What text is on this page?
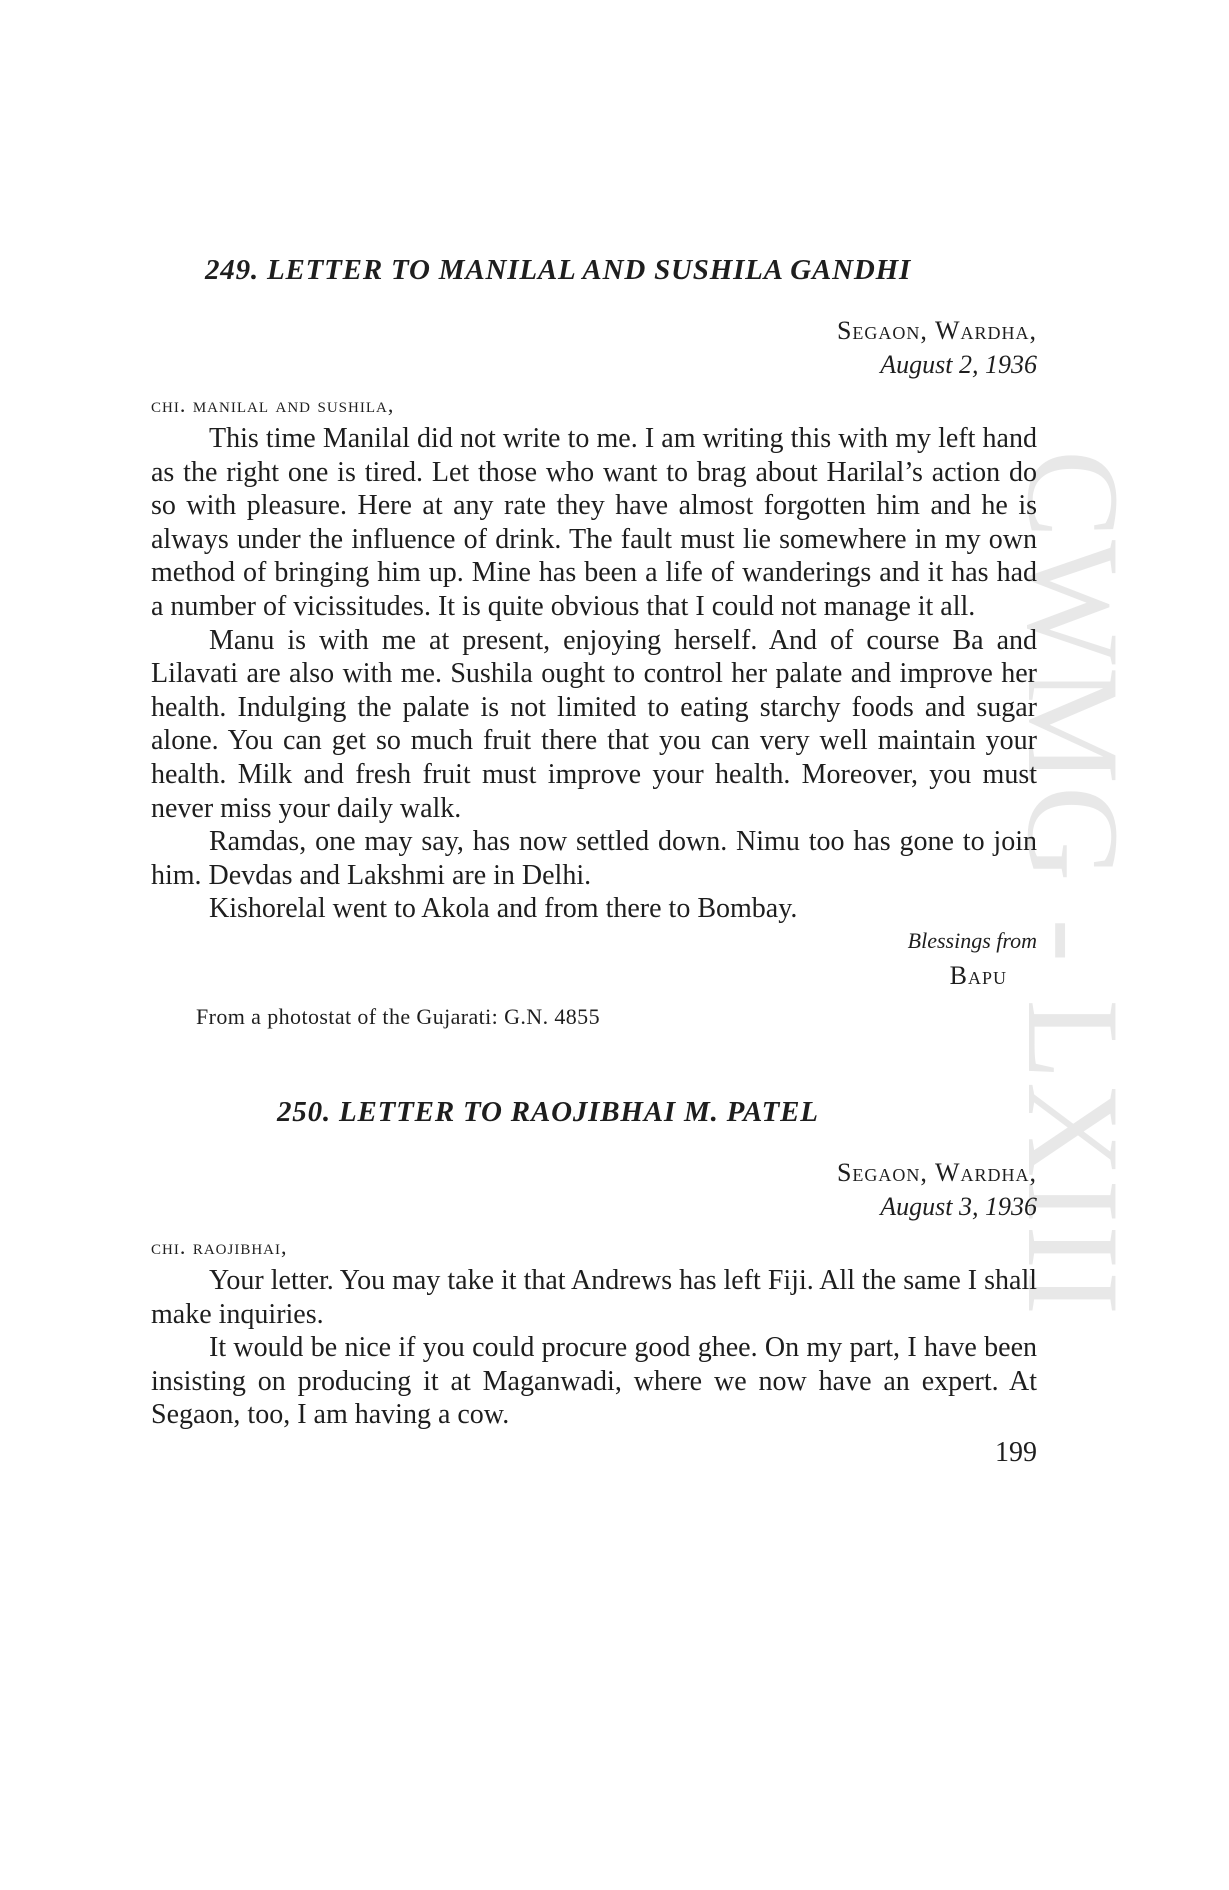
CWMG - LXIII
249. LETTER TO MANILAL AND SUSHILA GANDHI
Segaon, Wardha,
August 2, 1936
chi. manilal and sushila,

This time Manilal did not write to me. I am writing this with my left hand as the right one is tired. Let those who want to brag about Harilal’s action do so with pleasure. Here at any rate they have almost forgotten him and he is always under the influence of drink. The fault must lie somewhere in my own method of bringing him up. Mine has been a life of wanderings and it has had a number of vicissitudes. It is quite obvious that I could not manage it all.

Manu is with me at present, enjoying herself. And of course Ba and Lilavati are also with me. Sushila ought to control her palate and improve her health. Indulging the palate is not limited to eating starchy foods and sugar alone. You can get so much fruit there that you can very well maintain your health. Milk and fresh fruit must improve your health. Moreover, you must never miss your daily walk.

Ramdas, one may say, has now settled down. Nimu too has gone to join him. Devdas and Lakshmi are in Delhi.

Kishorelal went to Akola and from there to Bombay.

Blessings from
Bapu
From a photostat of the Gujarati: G.N. 4855
250. LETTER TO RAOJIBHAI M. PATEL
Segaon, Wardha,
August 3, 1936
chi. raojibhai,

Your letter. You may take it that Andrews has left Fiji. All the same I shall make inquiries.

It would be nice if you could procure good ghee. On my part, I have been insisting on producing it at Maganwadi, where we now have an expert. At Segaon, too, I am having a cow.

199
